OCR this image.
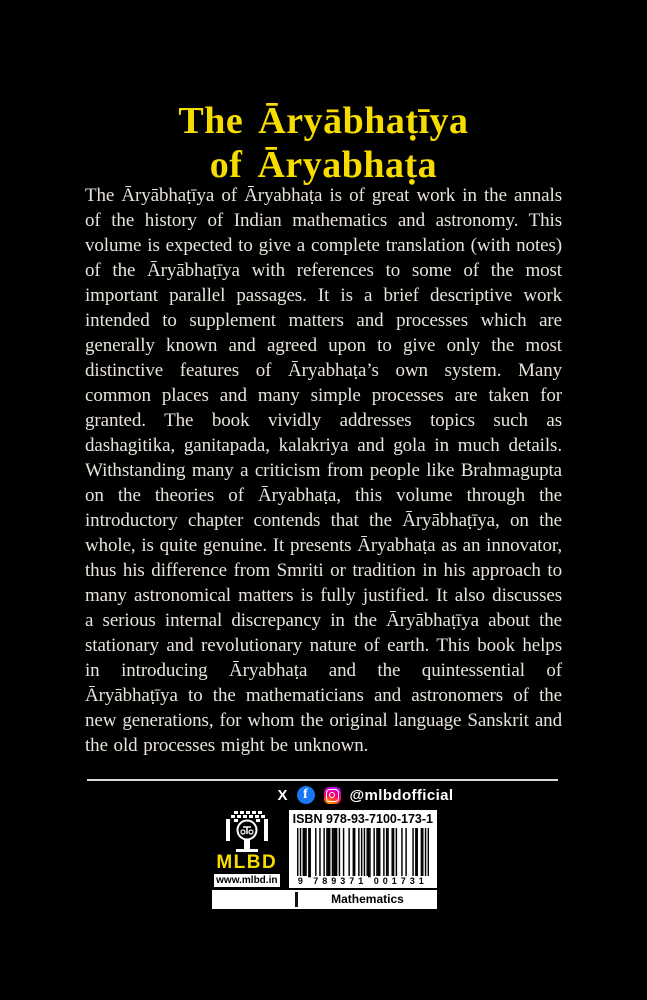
The Āryābhaṭīya
of Āryabhaṭa

The Āryābhaṭīya of Āryabhaṭa is of great work in the annals of the history of Indian mathematics and astronomy. This volume is expected to give a complete translation (with notes) of the Āryābhaṭīya with references to some of the most important parallel passages. It is a brief descriptive work intended to supplement matters and processes which are generally known and agreed upon to give only the most distinctive features of Āryabhaṭa’s own system. Many common places and many simple processes are taken for granted. The book vividly addresses topics such as dashagitika, ganitapada, kalakriya and gola in much details. Withstanding many a criticism from people like Brahmagupta on the theories of Āryabhaṭa, this volume through the introductory chapter contends that the Āryābhaṭīya, on the whole, is quite genuine. It presents Āryabhaṭa as an innovator, thus his difference from Smriti or tradition in his approach to many astronomical matters is fully justified. It also discusses a serious internal discrepancy in the Āryābhaṭīya about the stationary and revolutionary nature of earth. This book helps in introducing Āryabhaṭa and the quintessential of Āryābhaṭīya to the mathematicians and astronomers of the new generations, for whom the original language Sanskrit and the old processes might be unknown.

X	f	@mlbdofficial
MLBD
www.mlbd.in
ISBN 978-93-7100-173-1
9 789371 001731
Mathematics
